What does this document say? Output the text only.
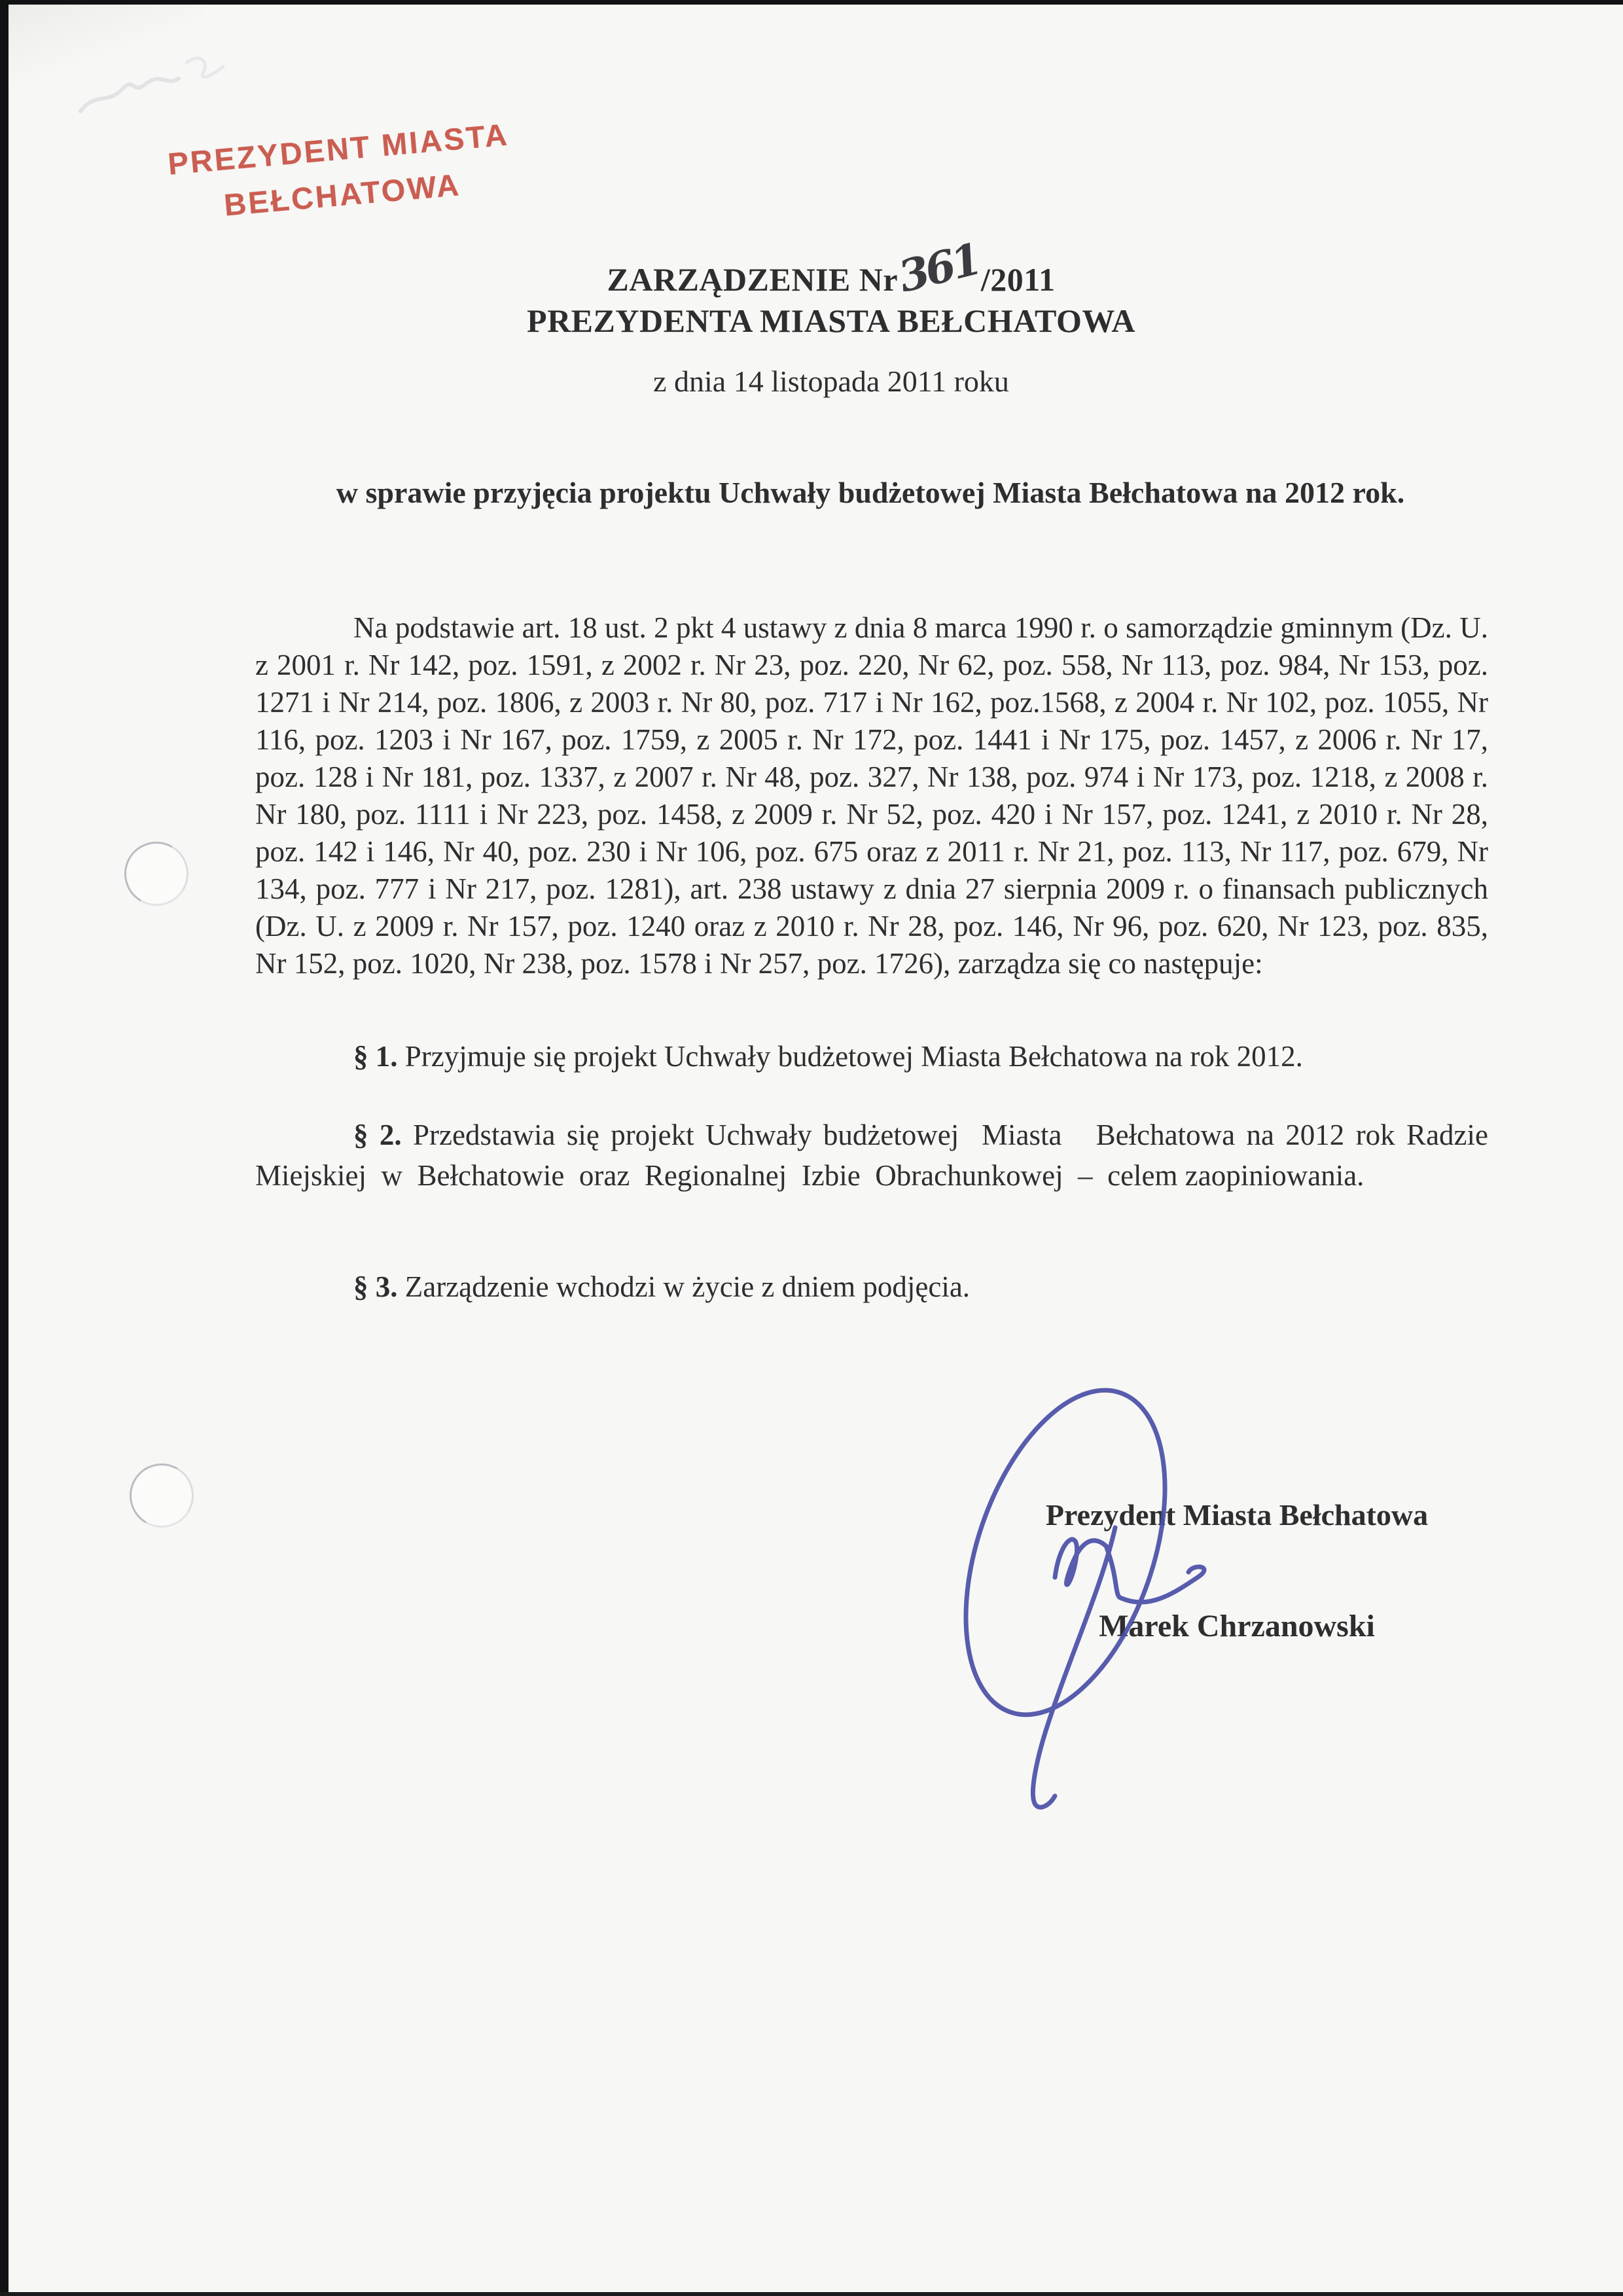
PREZYDENT MIASTA
BEŁCHATOWA
ZARZĄDZENIE Nr361/2011
PREZYDENTA MIASTA BEŁCHATOWA
z dnia 14 listopada 2011 roku
w sprawie przyjęcia projektu Uchwały budżetowej Miasta Bełchatowa na 2012 rok.

Na podstawie art. 18 ust. 2 pkt 4 ustawy z dnia 8 marca 1990 r. o samorządzie gminnym (Dz. U. z 2001 r. Nr 142, poz. 1591, z 2002 r. Nr 23, poz. 220, Nr 62, poz. 558, Nr 113, poz. 984, Nr 153, poz. 1271 i Nr 214, poz. 1806, z 2003 r. Nr 80, poz. 717 i Nr 162, poz.1568, z 2004 r. Nr 102, poz. 1055, Nr 116, poz. 1203 i Nr 167, poz. 1759, z 2005 r. Nr 172, poz. 1441 i Nr 175, poz. 1457, z 2006 r. Nr 17, poz. 128 i Nr 181, poz. 1337, z 2007 r. Nr 48, poz. 327, Nr 138, poz. 974 i Nr 173, poz. 1218, z 2008 r. Nr 180, poz. 1111 i Nr 223, poz. 1458, z 2009 r. Nr 52, poz. 420 i Nr 157, poz. 1241, z 2010 r. Nr 28, poz. 142 i 146, Nr 40, poz. 230 i Nr 106, poz. 675 oraz z 2011 r. Nr 21, poz. 113, Nr 117, poz. 679, Nr 134, poz. 777 i Nr 217, poz. 1281), art. 238 ustawy z dnia 27 sierpnia 2009 r. o finansach publicznych (Dz. U. z 2009 r. Nr 157, poz. 1240 oraz z 2010 r. Nr 28, poz. 146, Nr 96, poz. 620, Nr 123, poz. 835, Nr 152, poz. 1020, Nr 238, poz. 1578 i Nr 257, poz. 1726), zarządza się co następuje:

§ 1. Przyjmuje się projekt Uchwały budżetowej Miasta Bełchatowa na rok 2012.

§ 2. Przedstawia się projekt Uchwały budżetowej  Miasta   Bełchatowa na 2012 rok Radzie  Miejskiej  w  Bełchatowie  oraz  Regionalnej  Izbie  Obrachunkowej  –  celem zaopiniowania.

§ 3. Zarządzenie wchodzi w życie z dniem podjęcia.

Prezydent Miasta Bełchatowa
Marek Chrzanowski
